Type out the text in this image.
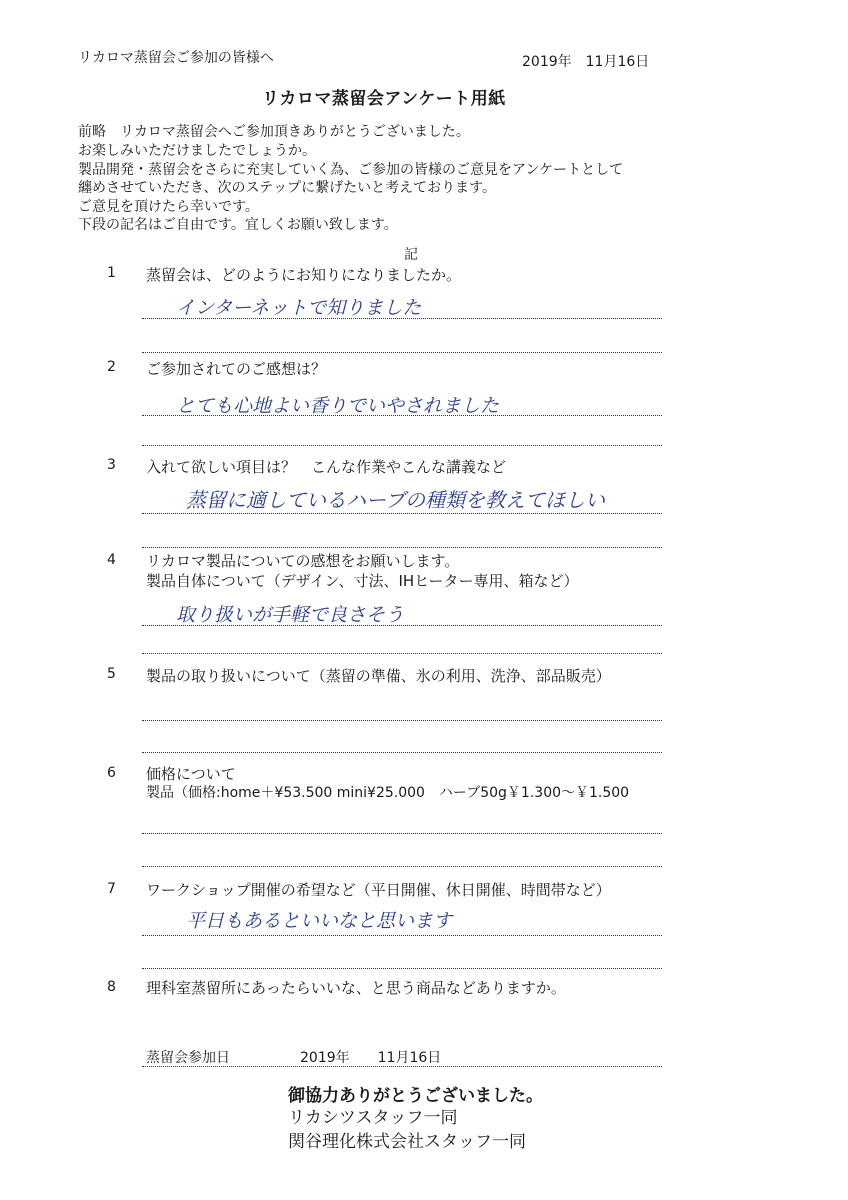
リカロマ蒸留会ご参加の皆様へ	2019年　11月16日
リカロマ蒸留会アンケート用紙
前略　リカロマ蒸留会へご参加頂きありがとうございました。
お楽しみいただけましたでしょうか。
製品開発・蒸留会をさらに充実していく為、ご参加の皆様のご意見をアンケートとして
纏めさせていただき、次のステップに繋げたいと考えております。
ご意見を頂けたら幸いです。
下段の記名はご自由です。宜しくお願い致します。
記
1 蒸留会は、どのようにお知りになりましたか。
インターネットで知りました
2 ご参加されてのご感想は？
とても心地よい香りでいやされました
3 入れて欲しい項目は？　こんな作業やこんな講義など
蒸留に適しているハーブの種類を教えてほしい
4 リカロマ製品についての感想をお願いします。
製品自体について（デザイン、寸法、IHヒーター専用、箱など）
取り扱いが手軽で良さそう
5 製品の取り扱いについて（蒸留の準備、氷の利用、洗浄、部品販売）
6 価格について
製品（価格:home＋¥53.500 mini¥25.000　ハーブ50g￥1.300～￥1.500
7 ワークショップ開催の希望など（平日開催、休日開催、時間帯など）
平日もあるといいなと思います
8 理科室蒸留所にあったらいいな、と思う商品などありますか。
蒸留会参加日	2019年　　11月16日
御協力ありがとうございました。
リカシツスタッフ一同
関谷理化株式会社スタッフ一同
